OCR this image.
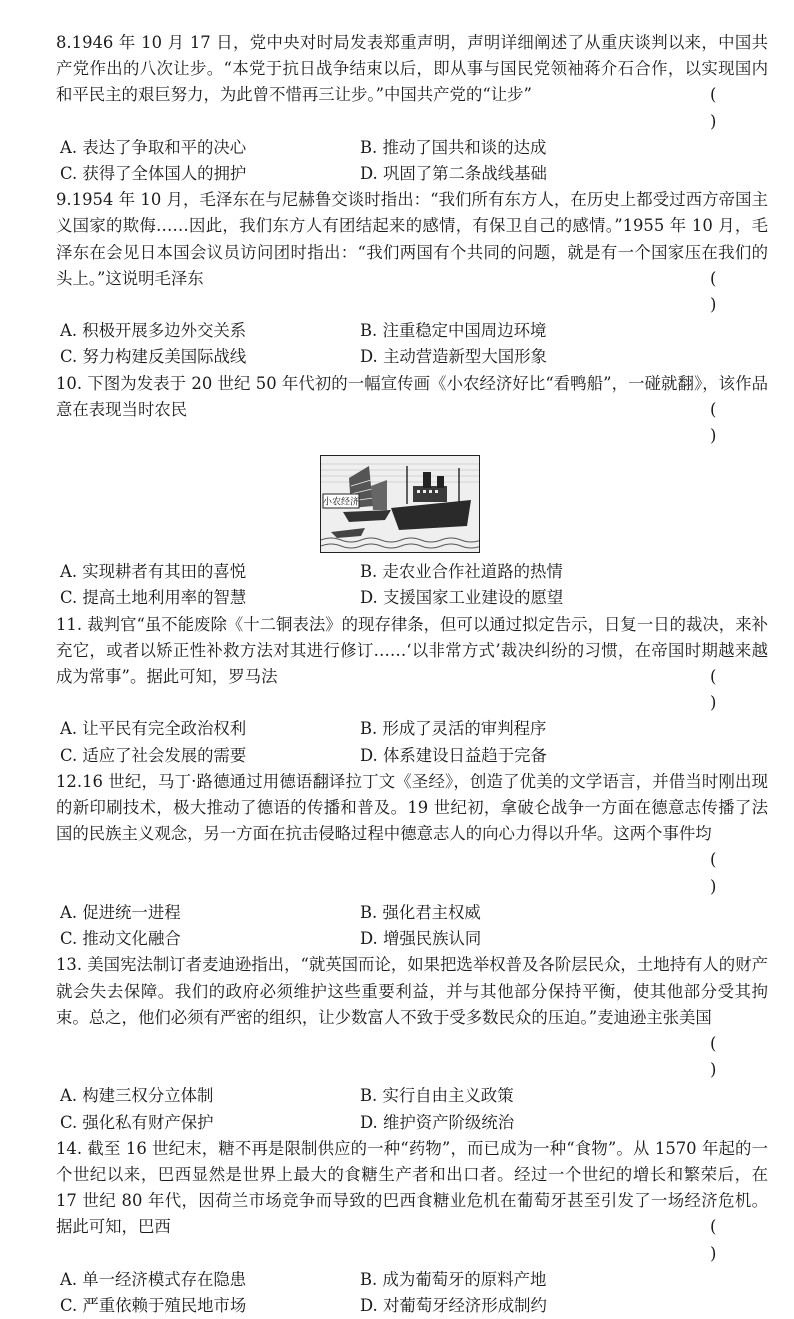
8.1946 年 10 月 17 日，党中央对时局发表郑重声明，声明详细阐述了从重庆谈判以来，中国共产党作出的八次让步。“本党于抗日战争结束以后，即从事与国民党领袖蒋介石合作，以实现国内和平民主的艰巨努力，为此曾不惜再三让步。”中国共产党的“让步”	( )
A. 表达了争取和平的决心	B. 推动了国共和谈的达成
C. 获得了全体国人的拥护	D. 巩固了第二条战线基础
9.1954 年 10 月，毛泽东在与尼赫鲁交谈时指出：“我们所有东方人，在历史上都受过西方帝国主义国家的欺侮……因此，我们东方人有团结起来的感情，有保卫自己的感情。”1955 年 10 月，毛泽东在会见日本国会议员访问团时指出：“我们两国有个共同的问题，就是有一个国家压在我们的头上。”这说明毛泽东	( )
A. 积极开展多边外交关系	B. 注重稳定中国周边环境
C. 努力构建反美国际战线	D. 主动营造新型大国形象
10. 下图为发表于 20 世纪 50 年代初的一幅宣传画《小农经济好比“看鸭船”，一碰就翻》，该作品意在表现当时农民	( )
小农经济
A. 实现耕者有其田的喜悦	B. 走农业合作社道路的热情
C. 提高土地利用率的智慧	D. 支援国家工业建设的愿望
11. 裁判官“虽不能废除《十二铜表法》的现存律条，但可以通过拟定告示，日复一日的裁决，来补充它，或者以矫正性补救方法对其进行修订……‘以非常方式’裁决纠纷的习惯，在帝国时期越来越成为常事”。据此可知，罗马法	( )
A. 让平民有完全政治权利	B. 形成了灵活的审判程序
C. 适应了社会发展的需要	D. 体系建设日益趋于完备
12.16 世纪，马丁·路德通过用德语翻译拉丁文《圣经》，创造了优美的文学语言，并借当时刚出现的新印刷技术，极大推动了德语的传播和普及。19 世纪初，拿破仑战争一方面在德意志传播了法国的民族主义观念，另一方面在抗击侵略过程中德意志人的向心力得以升华。这两个事件均
( )
A. 促进统一进程	B. 强化君主权威
C. 推动文化融合	D. 增强民族认同
13. 美国宪法制订者麦迪逊指出，“就英国而论，如果把选举权普及各阶层民众，土地持有人的财产就会失去保障。我们的政府必须维护这些重要利益，并与其他部分保持平衡，使其他部分受其拘束。总之，他们必须有严密的组织，让少数富人不致于受多数民众的压迫。”麦迪逊主张美国
( )
A. 构建三权分立体制	B. 实行自由主义政策
C. 强化私有财产保护	D. 维护资产阶级统治
14. 截至 16 世纪末，糖不再是限制供应的一种“药物”，而已成为一种“食物”。从 1570 年起的一个世纪以来，巴西显然是世界上最大的食糖生产者和出口者。经过一个世纪的增长和繁荣后，在 17 世纪 80 年代，因荷兰市场竞争而导致的巴西食糖业危机在葡萄牙甚至引发了一场经济危机。据此可知，巴西	( )
A. 单一经济模式存在隐患	B. 成为葡萄牙的原料产地
C. 严重依赖于殖民地市场	D. 对葡萄牙经济形成制约
